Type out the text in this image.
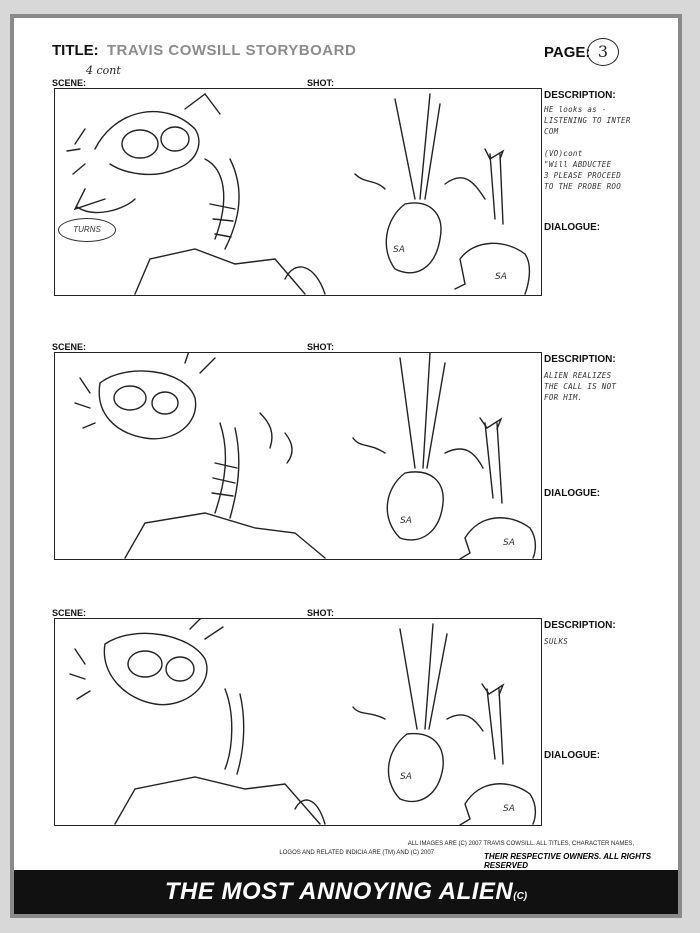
TITLE: TRAVIS COWSILL STORYBOARD	PAGE: 3
SCENE:
4 cont
SHOT:
SA
SA
TURNS
DESCRIPTION:
HE looks as -
LISTENING TO INTER
COM

(VO)cont
"Will ABDUCTEE
3 PLEASE PROCEED
TO THE PROBE ROO
DIALOGUE:
SCENE:	SHOT:
SA
SA
DESCRIPTION:
ALIEN REALIZES
THE CALL IS NOT
FOR HIM.
DIALOGUE:
SCENE:	SHOT:
SA
SA
DESCRIPTION:
SULKS
DIALOGUE:
ALL IMAGES ARE (C) 2007 TRAVIS COWSILL. ALL TITLES, CHARACTER NAMES,
LOGOS AND RELATED INDICIA ARE (TM) AND (C) 2007	THEIR RESPECTIVE OWNERS. ALL RIGHTS RESERVED
THE MOST ANNOYING ALIEN(C)
